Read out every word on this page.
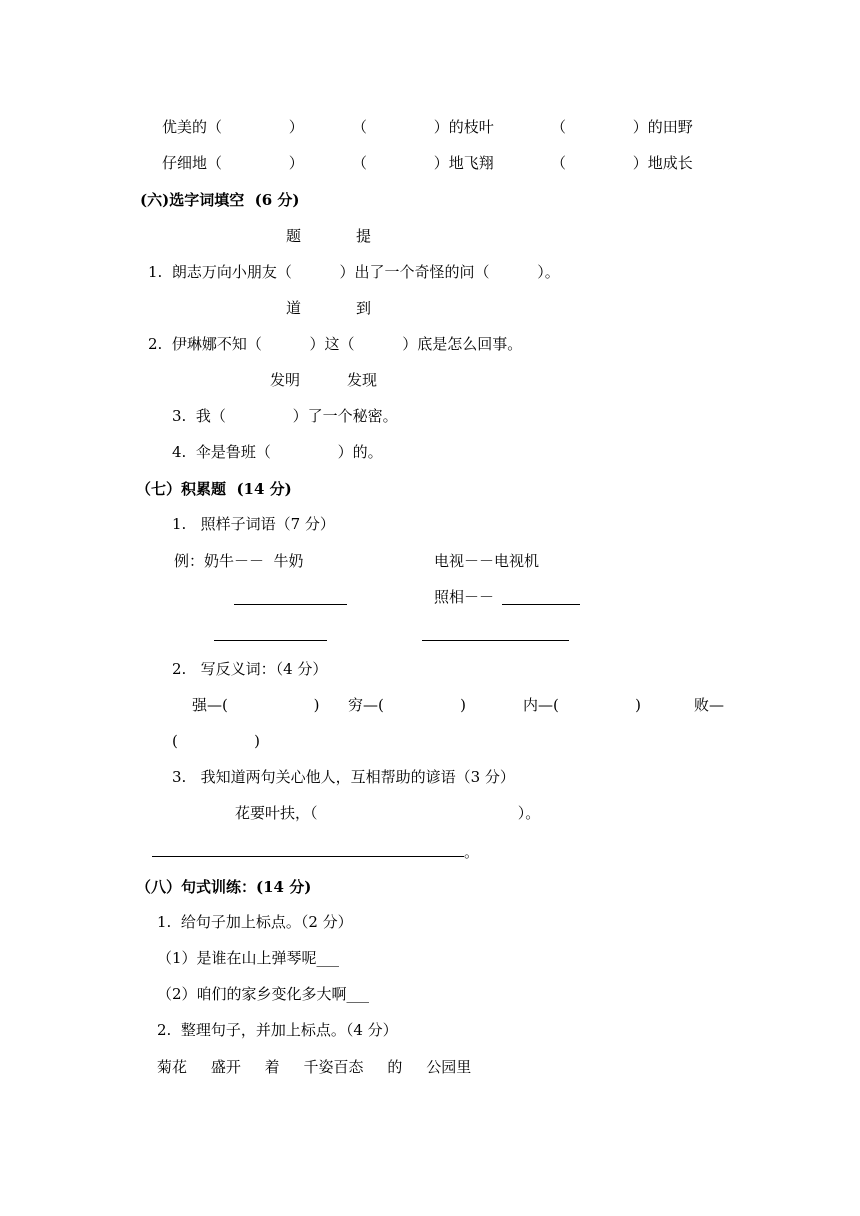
优美的（              ）	（              ）的枝叶	（              ）的田野
仔细地（              ）	（              ）地飞翔	（              ）地成长
(六)选字词填空  (6 分)
题	提
1.  朗志万向小朋友（          ）出了一个奇怪的问（          ）。
道	到
2.  伊琳娜不知（          ）这（          ）底是怎么回事。
发明	发现
3.  我（              ）了一个秘密。
4.  伞是鲁班（              ）的。
（七）积累题  (14 分)
1.   照样子词语（7 分）
例：奶牛－－  牛奶	电视－－电视机
照相－－
2.   写反义词：（4 分）
强—(                  ) 穷—(                )	内—(                )	败—
(                )
3.   我知道两句关心他人，互相帮助的谚语（3 分）
花要叶扶，（                                          ）。
。
（八）句式训练：(14 分)
1.  给句子加上标点。（2 分）
（1）是谁在山上弹琴呢___
（2）咱们的家乡变化多大啊___
2.  整理句子，并加上标点。（4 分）
菊花     盛开     着     千姿百态     的     公园里
